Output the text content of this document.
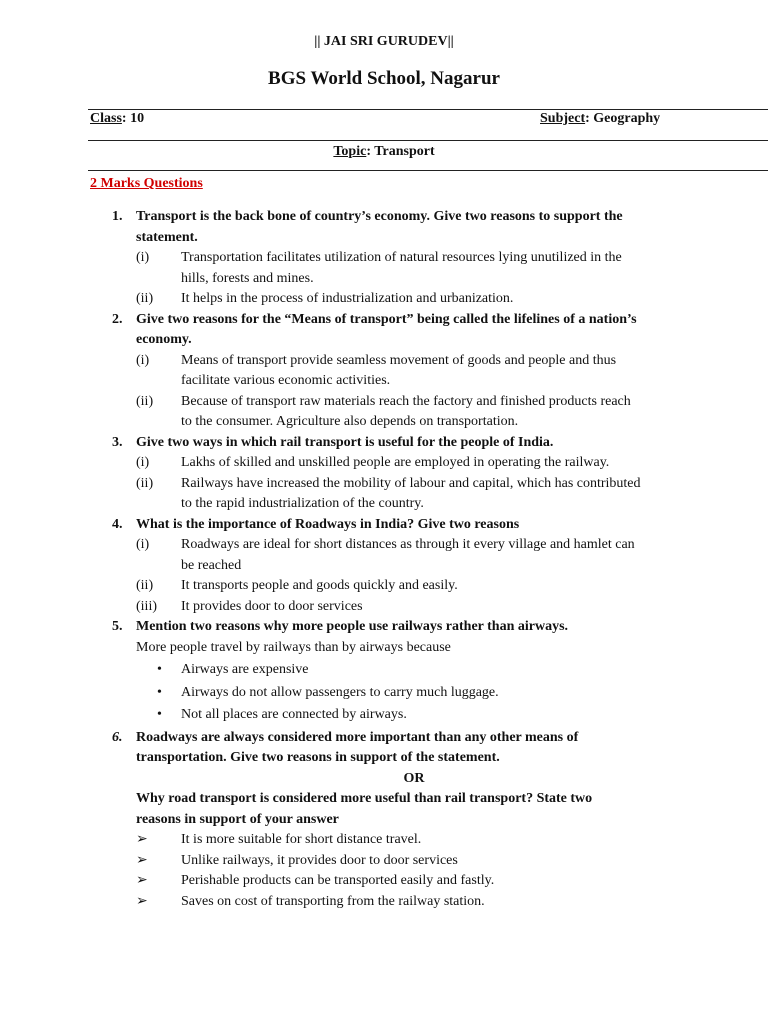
|| JAI SRI GURUDEV||
BGS World School, Nagarur
Class: 10	Subject: Geography
Topic: Transport
2 Marks Questions
1. Transport is the back bone of country’s economy. Give two reasons to support the
statement.
(i) Transportation facilitates utilization of natural resources lying unutilized in the
hills, forests and mines.
(ii) It helps in the process of industrialization and urbanization.
2. Give two reasons for the “Means of transport” being called the lifelines of a nation’s
economy.
(i) Means of transport provide seamless movement of goods and people and thus
facilitate various economic activities.
(ii) Because of transport raw materials reach the factory and finished products reach
to the consumer. Agriculture also depends on transportation.
3. Give two ways in which rail transport is useful for the people of India.
(i) Lakhs of skilled and unskilled people are employed in operating the railway.
(ii) Railways have increased the mobility of labour and capital, which has contributed
to the rapid industrialization of the country.
4. What is the importance of Roadways in India? Give two reasons
(i) Roadways are ideal for short distances as through it every village and hamlet can
be reached
(ii) It transports people and goods quickly and easily.
(iii) It provides door to door services
5. Mention two reasons why more people use railways rather than airways.
More people travel by railways than by airways because
• Airways are expensive
• Airways do not allow passengers to carry much luggage.
• Not all places are connected by airways.
6. Roadways are always considered more important than any other means of
transportation. Give two reasons in support of the statement.
OR
Why road transport is considered more useful than rail transport? State two
reasons in support of your answer
➢ It is more suitable for short distance travel.
➢ Unlike railways, it provides door to door services
➢ Perishable products can be transported easily and fastly.
➢ Saves on cost of transporting from the railway station.
